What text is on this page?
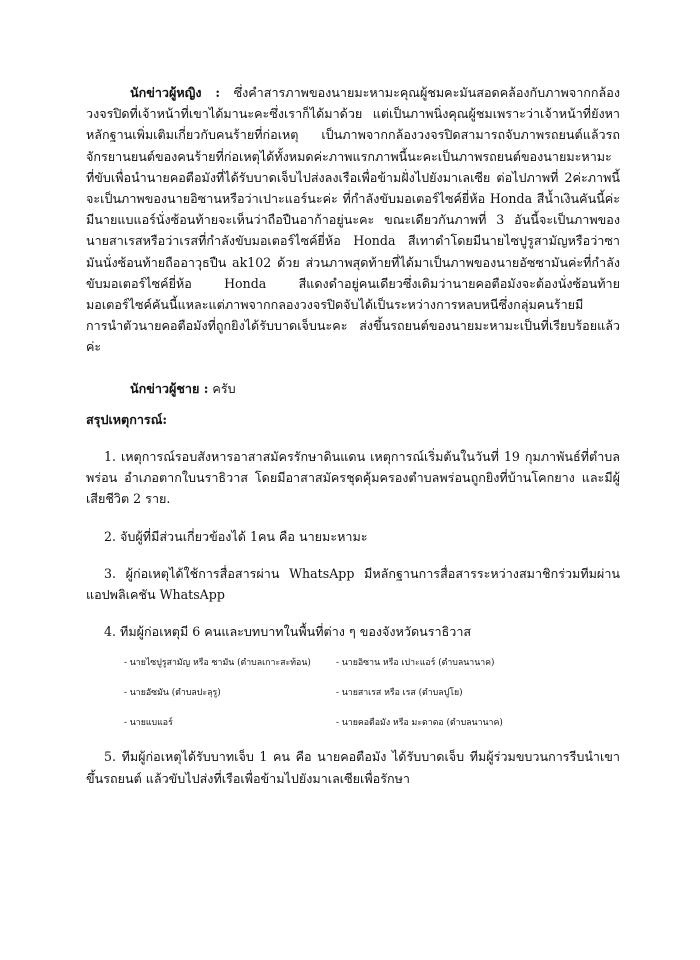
นักข่าวผู้หญิง : ซึ่งคำสารภาพของนายมะหามะคุณผู้ชมคะมันสอดคล้องกับภาพจากกล้องวงจรปิดที่เจ้าหน้าที่เขาได้มานะคะซึ่งเราก็ได้มาด้วย แต่เป็นภาพนิ่งคุณผู้ชมเพราะว่าเจ้าหน้าที่ยังหาหลักฐานเพิ่มเติมเกี่ยวกับคนร้ายที่ก่อเหตุ เป็นภาพจากกล้องวงจรปิดสามารถจับภาพรถยนต์แล้วรถจักรยานยนต์ของคนร้ายที่ก่อเหตุได้ทั้งหมดค่ะภาพแรกภาพนี้นะคะเป็นภาพรถยนต์ของนายมะหามะที่ขับเพื่อนำนายคอตือมังที่ได้รับบาดเจ็บไปส่งลงเรือเพื่อข้ามฝั่งไปยังมาเลเซีย ต่อไปภาพที่ 2ค่ะภาพนี้จะเป็นภาพของนายอิซานหรือว่าเปาะแอร์นะค่ะ ที่กำลังขับมอเตอร์ไซค์ยี่ห้อ Honda สีน้ำเงินคันนี้ค่ะมีนายแบแอร์นั่งซ้อนท้ายจะเห็นว่าถือปืนอาก้าอยู่นะคะ ขณะเดียวกันภาพที่ 3 อันนี้จะเป็นภาพของนายสาเรสหรือว่าเรสที่กำลังขับมอเตอร์ไซค์ยี่ห้อ Honda สีเทาดำโดยมีนายไซปูรูสามัญหรือว่าซามันนั่งซ้อนท้ายถืออาวุธปืน ak102 ด้วย ส่วนภาพสุดท้ายที่ได้มาเป็นภาพของนายอัซซามันค่ะที่กำลังขับมอเตอร์ไซค์ยี่ห้อ Honda สีแดงดำอยู่คนเดียวซึ่งเดิมว่านายคอตือมังจะต้องนั่งซ้อนท้ายมอเตอร์ไซค์คันนี้แหละแต่ภาพจากกลองวงจรปิดจับได้เป็นระหว่างการหลบหนีซึ่งกลุ่มคนร้ายมีการนำตัวนายคอตือมังที่ถูกยิงได้รับบาดเจ็บนะคะ ส่งขึ้นรถยนต์ของนายมะหามะเป็นที่เรียบร้อยแล้วค่ะ

นักข่าวผู้ชาย : ครับ

สรุปเหตุการณ์:

1. เหตุการณ์รอบสังหารอาสาสมัครรักษาดินแดน เหตุการณ์เริ่มต้นในวันที่ 19 กุมภาพันธ์ที่ตำบลพร่อน อำเภอตากใบนราธิวาส โดยมีอาสาสมัครชุดคุ้มครองตำบลพร่อนถูกยิงที่บ้านโคกยาง และมีผู้เสียชีวิต 2 ราย.

2. จับผู้ที่มีส่วนเกี่ยวข้องได้ 1คน คือ นายมะหามะ

3. ผู้ก่อเหตุได้ใช้การสื่อสารผ่าน WhatsApp มีหลักฐานการสื่อสารระหว่างสมาชิกร่วมทีมผ่านแอปพลิเคชัน WhatsApp

4. ทีมผู้ก่อเหตุมี 6 คนและบทบาทในพื้นที่ต่าง ๆ ของจังหวัดนราธิวาส

- นายไซปูรูสามัญ หรือ ซามัน (ตำบลเกาะสะท้อน)	- นายอิซาน หรือ เปาะแอร์ (ตำบลนานาค)
- นายอัซมัน (ตำบลปะลุรู)	- นายสาเรส หรือ เรส (ตำบลปูโย)
- นายแบแอร์	- นายคอตือมัง หรือ มะดาดอ (ตำบลนานาค)

5. ทีมผู้ก่อเหตุได้รับบาทเจ็บ 1 คน คือ นายคอตือมัง ได้รับบาดเจ็บ ทีมผู้ร่วมขบวนการรีบนำเขาขึ้นรถยนต์ แล้วขับไปส่งที่เรือเพื่อข้ามไปยังมาเลเซียเพื่อรักษา
